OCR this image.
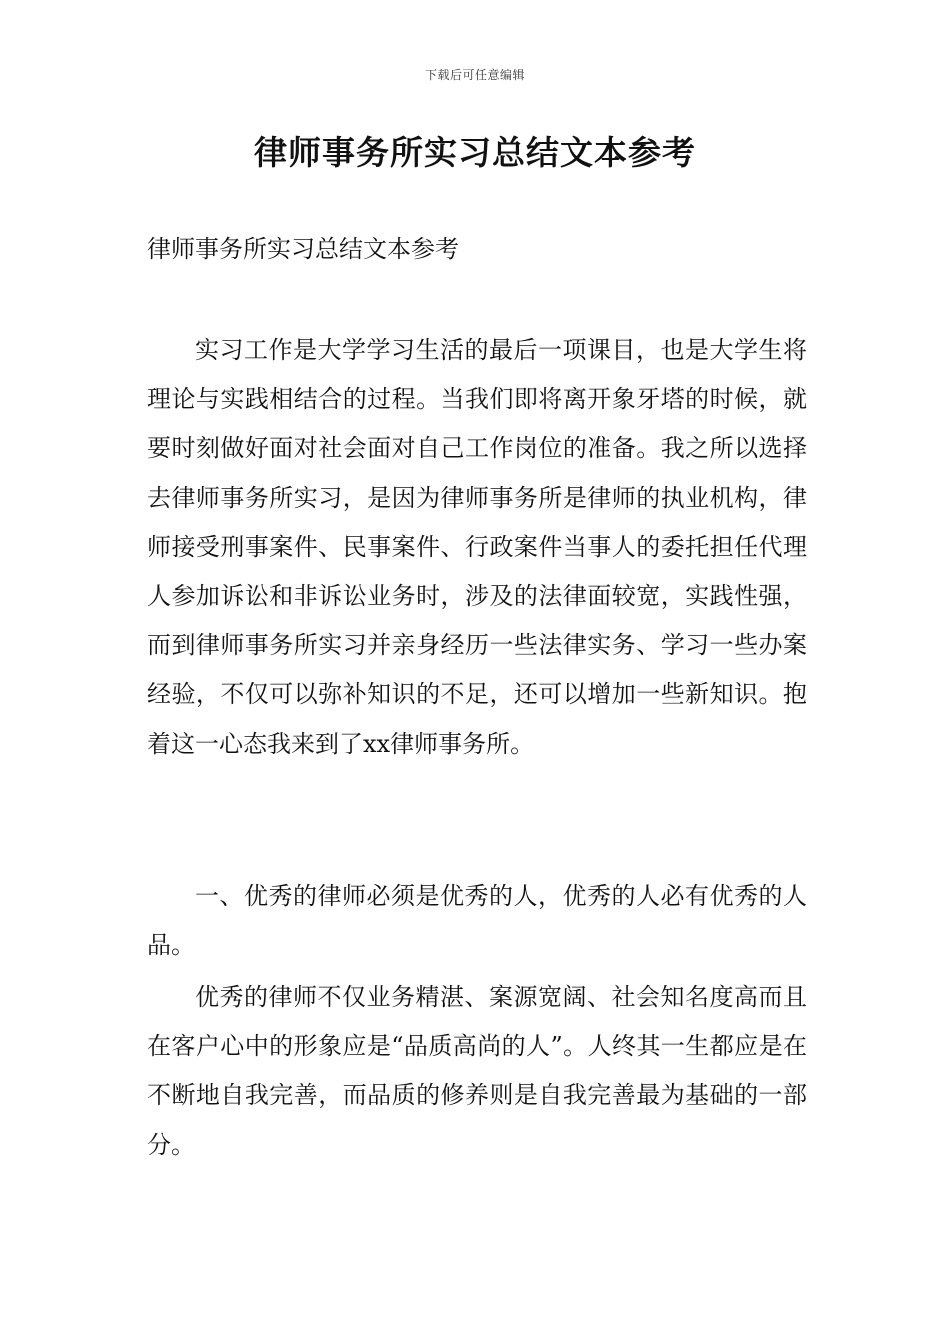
下载后可任意编辑
律师事务所实习总结文本参考

律师事务所实习总结文本参考

实习工作是大学学习生活的最后一项课目，也是大学生将理论与实践相结合的过程。当我们即将离开象牙塔的时候，就要时刻做好面对社会面对自己工作岗位的准备。我之所以选择去律师事务所实习，是因为律师事务所是律师的执业机构，律师接受刑事案件、民事案件、行政案件当事人的委托担任代理人参加诉讼和非诉讼业务时，涉及的法律面较宽，实践性强，而到律师事务所实习并亲身经历一些法律实务、学习一些办案经验，不仅可以弥补知识的不足，还可以增加一些新知识。抱着这一心态我来到了xx律师事务所。

一、优秀的律师必须是优秀的人，优秀的人必有优秀的人品。

优秀的律师不仅业务精湛、案源宽阔、社会知名度高而且在客户心中的形象应是“品质高尚的人”。人终其一生都应是在不断地自我完善，而品质的修养则是自我完善最为基础的一部分。
